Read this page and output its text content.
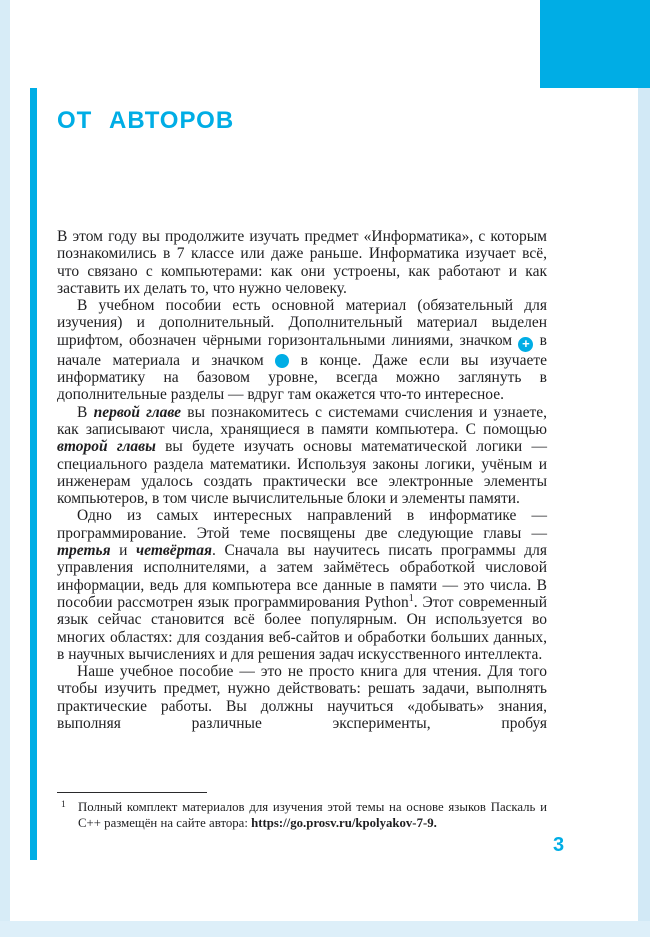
ОТ АВТОРОВ

В этом году вы продолжите изучать предмет «Информатика», с которым познакомились в 7 классе или даже раньше. Информатика изучает всё, что связано с компьютерами: как они устроены, как работают и как заставить их делать то, что нужно человеку.

В учебном пособии есть основной материал (обязательный для изучения) и дополнительный. Дополнительный материал выделен шрифтом, обозначен чёрными горизонтальными линиями, значком + в начале материала и значком  в конце. Даже если вы изучаете информатику на базовом уровне, всегда можно заглянуть в дополнительные разделы — вдруг там окажется что-то интересное.

В первой главе вы познакомитесь с системами счисления и узнаете, как записывают числа, хранящиеся в памяти компьютера. С помощью второй главы вы будете изучать основы математической логики — специального раздела математики. Используя законы логики, учёным и инженерам удалось создать практически все электронные элементы компьютеров, в том числе вычислительные блоки и элементы памяти.

Одно из самых интересных направлений в информатике — программирование. Этой теме посвящены две следующие главы — третья и четвёртая. Сначала вы научитесь писать программы для управления исполнителями, а затем займётесь обработкой числовой информации, ведь для компьютера все данные в памяти — это числа. В пособии рассмотрен язык программирования Python$^1$. Этот современный язык сейчас становится всё более популярным. Он используется во многих областях: для создания веб-сайтов и обработки больших данных, в научных вычислениях и для решения задач искусственного интеллекта.

Наше учебное пособие — это не просто книга для чтения. Для того чтобы изучить предмет, нужно действовать: решать задачи, выполнять практические работы. Вы должны научиться «добывать» знания, выполняя различные эксперименты, пробуя

1 Полный комплект материалов для изучения этой темы на основе языков Паскаль и C++ размещён на сайте автора: https://go.prosv.ru/kpolyakov-7-9.
3
